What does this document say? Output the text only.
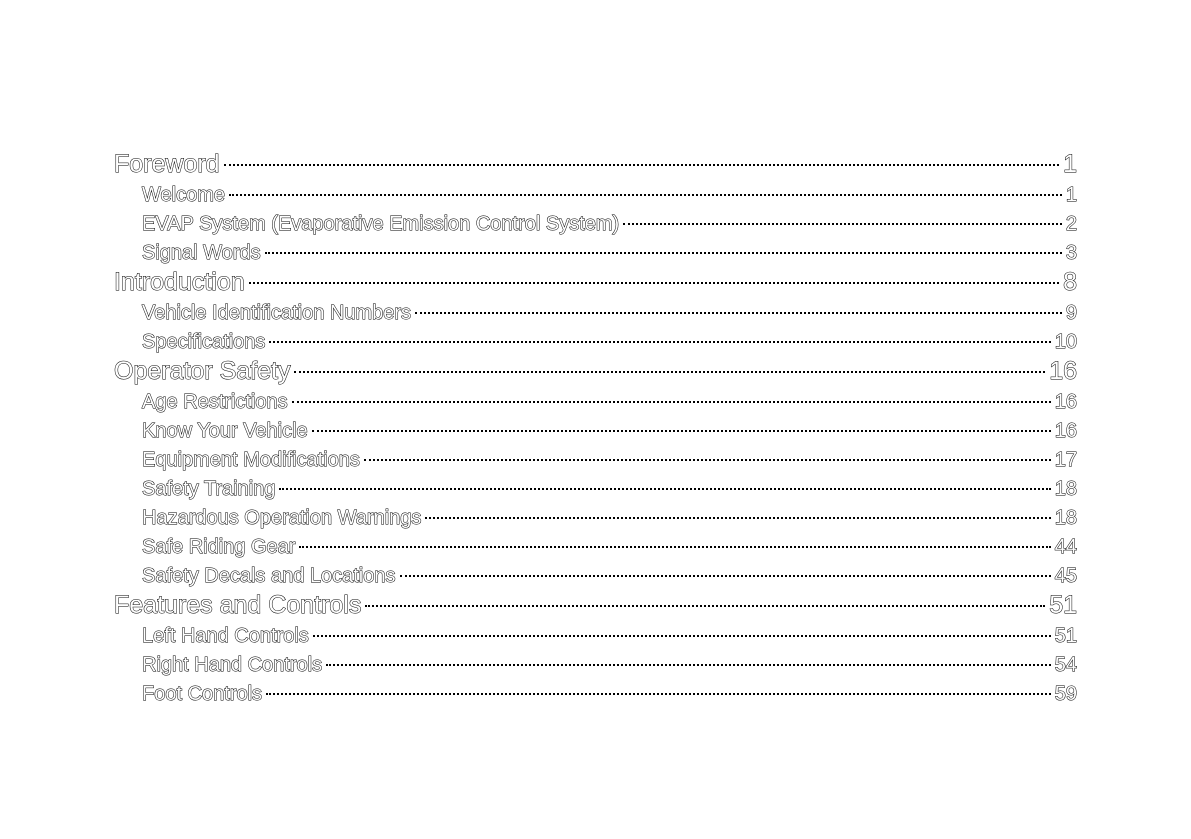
Foreword	1
Welcome	1
EVAP System (Evaporative Emission Control System)	2
Signal Words	3
Introduction	8
Vehicle Identification Numbers	9
Specifications	10
Operator Safety	16
Age Restrictions	16
Know Your Vehicle	16
Equipment Modifications	17
Safety Training	18
Hazardous Operation Warnings	18
Safe Riding Gear	44
Safety Decals and Locations	45
Features and Controls	51
Left Hand Controls	51
Right Hand Controls	54
Foot Controls	59
